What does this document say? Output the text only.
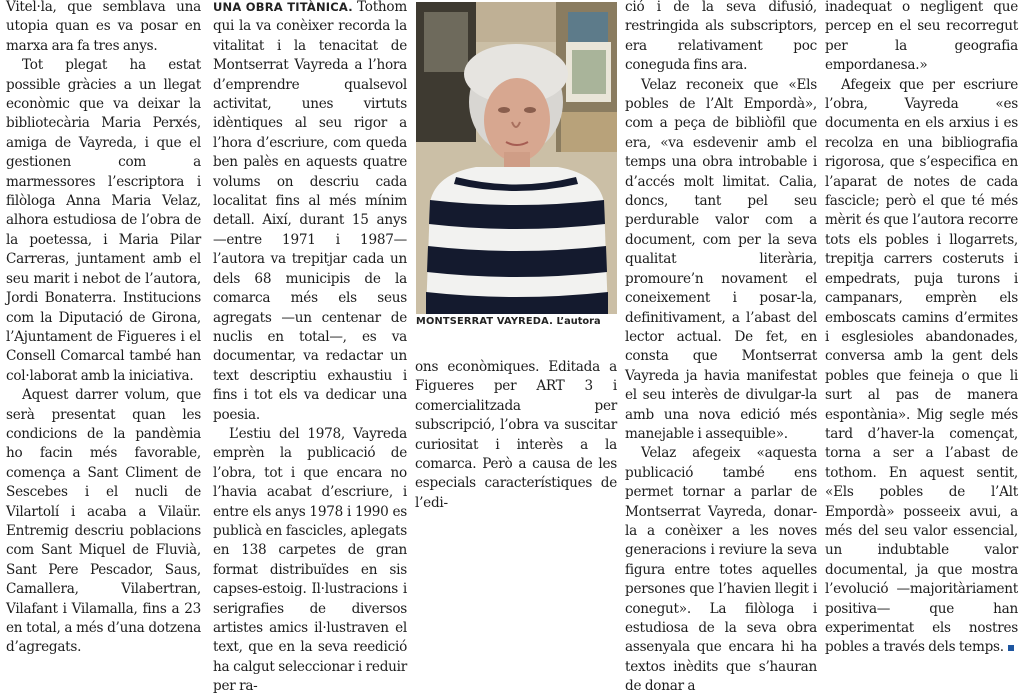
Vitel·la, que semblava una utopia quan es va posar en marxa ara fa tres anys.

Tot plegat ha estat possible gràcies a un llegat econòmic que va deixar la bibliotecària Maria Perxés, amiga de Vayreda, i que el gestionen com a marmessores l’escriptora i filòloga Anna Maria Velaz, alhora estudiosa de l’obra de la poetessa, i Maria Pilar Carreras, juntament amb el seu marit i nebot de l’autora, Jordi Bonaterra. Institucions com la Diputació de Girona, l’Ajuntament de Figueres i el Consell Comarcal també han col·laborat amb la iniciativa.

Aquest darrer volum, que serà presentat quan les condicions de la pandèmia ho facin més favorable, comença a Sant Climent de Sescebes i el nucli de Vilartolí i acaba a Vilaür. Entremig descriu poblacions com Sant Miquel de Fluvià, Sant Pere Pescador, Saus, Camallera, Vilabertran, Vilafant i Vilamalla, fins a 23 en total, a més d’una dotzena d’agregats.

UNA OBRA TITÀNICA. Tothom qui la va conèixer recorda la vitalitat i la tenacitat de Montserrat Vayreda a l’hora d’emprendre qualsevol activitat, unes virtuts idèntiques al seu rigor a l’hora d’escriure, com queda ben palès en aquests quatre volums on descriu cada localitat fins al més mínim detall. Així, durant 15 anys —entre 1971 i 1987— l’autora va trepitjar cada un dels 68 municipis de la comarca més els seus agregats —un centenar de nuclis en total—, es va documentar, va redactar un text descriptiu exhaustiu i fins i tot els va dedicar una poesia.

L’estiu del 1978, Vayreda emprèn la publicació de l’obra, tot i que encara no l’havia acabat d’escriure, i entre els anys 1978 i 1990 es publicà en fascicles, aplegats en 138 carpetes de gran format distribuïdes en sis capses-estoig. Il·lustracions i serigrafies de diversos artistes amics il·lustraven el text, que en la seva reedició ha calgut seleccionar i reduir per ra-

MONTSERRAT VAYREDA. L’autora

ons econòmiques. Editada a Figueres per ART 3 i comercialitzada per subscripció, l’obra va suscitar curiositat i interès a la comarca. Però a causa de les especials característiques de l’edi-

ció i de la seva difusió, restringida als subscriptors, era relativament poc coneguda fins ara.

Velaz reconeix que «Els pobles de l’Alt Empordà», com a peça de bibliòfil que era, «va esdevenir amb el temps una obra introbable i d’accés molt limitat. Calia, doncs, tant pel seu perdurable valor com a document, com per la seva qualitat literària, promoure’n novament el coneixement i posar-la, definitivament, a l’abast del lector actual. De fet, en consta que Montserrat Vayreda ja havia manifestat el seu interès de divulgar-la amb una nova edició més manejable i assequible».

Velaz afegeix «aquesta publicació també ens permet tornar a parlar de Montserrat Vayreda, donar-la a conèixer a les noves generacions i reviure la seva figura entre totes aquelles persones que l’havien llegit i conegut». La filòloga i estudiosa de la seva obra assenyala que encara hi ha textos inèdits que s’hauran de donar a

inadequat o negligent que percep en el seu recorregut per la geografia empordanesa.»

Afegeix que per escriure l’obra, Vayreda «es documenta en els arxius i es recolza en una bibliografia rigorosa, que s’especifica en l’aparat de notes de cada fascicle; però el que té més mèrit és que l’autora recorre tots els pobles i llogarrets, trepitja carrers costeruts i empedrats, puja turons i campanars, emprèn els emboscats camins d’ermites i esglesioles abandonades, conversa amb la gent dels pobles que feineja o que li surt al pas de manera espontània». Mig segle més tard d’haver-la començat, torna a ser a l’abast de tothom. En aquest sentit, «Els pobles de l’Alt Empordà» posseeix avui, a més del seu valor essencial, un indubtable valor documental, ja que mostra l’evolució —majoritàriament positiva— que han experimentat els nostres pobles a través dels temps.
